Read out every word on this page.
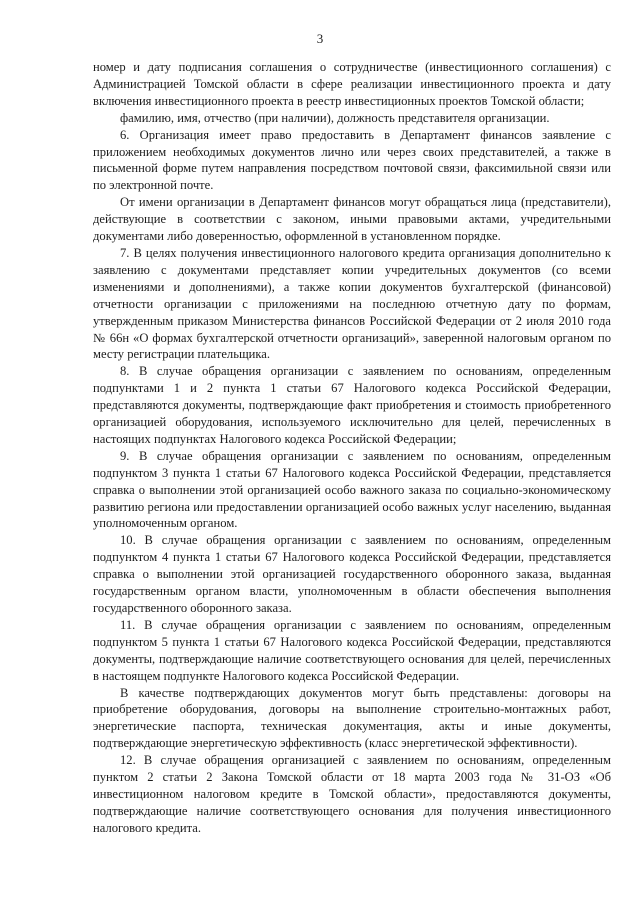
3

номер и дату подписания соглашения о сотрудничестве (инвестиционного соглашения) с Администрацией Томской области в сфере реализации инвестиционного проекта и дату включения инвестиционного проекта в реестр инвестиционных проектов Томской области;

фамилию, имя, отчество (при наличии), должность представителя организации.

6. Организация имеет право предоставить в Департамент финансов заявление с приложением необходимых документов лично или через своих представителей, а также в письменной форме путем направления посредством почтовой связи, факсимильной связи или по электронной почте.

От имени организации в Департамент финансов могут обращаться лица (представители), действующие в соответствии с законом, иными правовыми актами, учредительными документами либо доверенностью, оформленной в установленном порядке.

7. В целях получения инвестиционного налогового кредита организация дополнительно к заявлению с документами представляет копии учредительных документов (со всеми изменениями и дополнениями), а также копии документов бухгалтерской (финансовой) отчетности организации с приложениями на последнюю отчетную дату по формам, утвержденным приказом Министерства финансов Российской Федерации от 2 июля 2010 года № 66н «О формах бухгалтерской отчетности организаций», заверенной налоговым органом по месту регистрации плательщика.

8. В случае обращения организации с заявлением по основаниям, определенным подпунктами 1 и 2 пункта 1 статьи 67 Налогового кодекса Российской Федерации, представляются документы, подтверждающие факт приобретения и стоимость приобретенного организацией оборудования, используемого исключительно для целей, перечисленных в настоящих подпунктах Налогового кодекса Российской Федерации;

9. В случае обращения организации с заявлением по основаниям, определенным подпунктом 3 пункта 1 статьи 67 Налогового кодекса Российской Федерации, представляется справка о выполнении этой организацией особо важного заказа по социально-экономическому развитию региона или предоставлении организацией особо важных услуг населению, выданная уполномоченным органом.

10. В случае обращения организации с заявлением по основаниям, определенным подпунктом 4 пункта 1 статьи 67 Налогового кодекса Российской Федерации, представляется справка о выполнении этой организацией государственного оборонного заказа, выданная государственным органом власти, уполномоченным в области обеспечения выполнения государственного оборонного заказа.

11. В случае обращения организации с заявлением по основаниям, определенным подпунктом 5 пункта 1 статьи 67 Налогового кодекса Российской Федерации, представляются документы, подтверждающие наличие соответствующего основания для целей, перечисленных в настоящем подпункте Налогового кодекса Российской Федерации.

В качестве подтверждающих документов могут быть представлены: договоры на приобретение оборудования, договоры на выполнение строительно-монтажных работ, энергетические паспорта, техническая документация, акты и иные документы, подтверждающие энергетическую эффективность (класс энергетической эффективности).

12. В случае обращения организацией с заявлением по основаниям, определенным пунктом 2 статьи 2 Закона Томской области от 18 марта 2003 года № 31-ОЗ «Об инвестиционном налоговом кредите в Томской области», предоставляются документы, подтверждающие наличие соответствующего основания для получения инвестиционного налогового кредита.
